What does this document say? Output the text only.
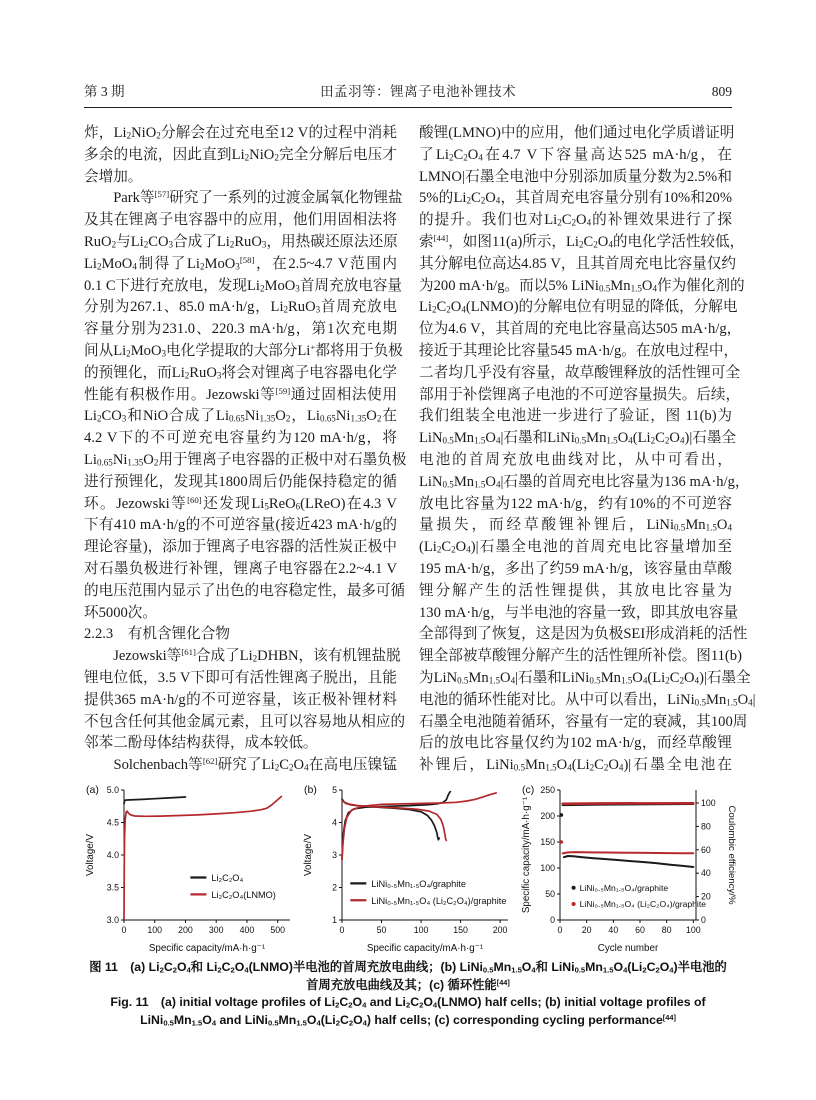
第 3 期	田孟羽等：锂离子电池补锂技术	809
炸，$Li_2NiO_2$分解会在过充电至12 V的过程中消耗
多余的电流，因此直到$Li_2NiO_2$完全分解后电压才
会增加。
　　Park等[57]研究了一系列的过渡金属氧化物锂盐
及其在锂离子电容器中的应用，他们用固相法将
RuO$_2$与$Li_2CO_3$合成了$Li_2RuO_3$，用热碳还原法还原
$Li_2MoO_4$制得了$Li_2MoO_3[58]$，在2.5~4.7 V范围内
0.1 C下进行充放电，发现$Li_2MoO_3$首周充放电容量
分别为267.1、85.0 mA·h/g，$Li_2RuO_3$首周充放电
容量分别为231.0、220.3 mA·h/g，第1次充电期
间从$Li_2MoO_3$电化学提取的大部分Li+都将用于负极
的预锂化，而$Li_2RuO_3$将会对锂离子电容器电化学
性能有积极作用。Jezowski等[59]通过固相法使用
$Li_2CO_3$和NiO合成了$Li_{0.65}Ni_{1.35}O_2$，$Li_{0.65}Ni_{1.35}O_2$在
4.2 V下的不可逆充电容量约为120 mA·h/g，将
$Li_{0.65}Ni_{1.35}O_2$用于锂离子电容器的正极中对石墨负极
进行预锂化，发现其1800周后仍能保持稳定的循
环。Jezowski等[60]还发现$Li_5ReO_6(LReO)$在4.3 V
下有410 mA·h/g的不可逆容量(接近423 mA·h/g的
理论容量)，添加于锂离子电容器的活性炭正极中
对石墨负极进行补锂，锂离子电容器在2.2~4.1 V
的电压范围内显示了出色的电容稳定性，最多可循
环5000次。
2.2.3　有机含锂化合物
　　Jezowski等[61]合成了$Li_2DHBN$，该有机锂盐脱
锂电位低，3.5 V下即可有活性锂离子脱出，且能
提供365 mA·h/g的不可逆容量，该正极补锂材料
不包含任何其他金属元素，且可以容易地从相应的
邻苯二酚母体结构获得，成本较低。
　　Solchenbach等[62]研究了$Li_2C_2O_4$在高电压镍锰
酸锂(LMNO)中的应用，他们通过电化学质谱证明
了$Li_2C_2O_4$在4.7 V下容量高达525 mA·h/g，在
LMNO|石墨全电池中分别添加质量分数为2.5%和
5%的$Li_2C_2O_4$，其首周充电容量分别有10%和20%
的提升。我们也对$Li_2C_2O_4$的补锂效果进行了探
索[44]，如图11(a)所示，$Li_2C_2O_4$的电化学活性较低，
其分解电位高达4.85 V，且其首周充电比容量仅约
为200 mA·h/g。而以5% $LiNi_{0.5}Mn_{1.5}O_4$作为催化剂的
$Li_2C_2O_4(LNMO)$的分解电位有明显的降低，分解电
位为4.6 V，其首周的充电比容量高达505 mA·h/g，
接近于其理论比容量545 mA·h/g。在放电过程中，
二者均几乎没有容量，故草酸锂释放的活性锂可全
部用于补偿锂离子电池的不可逆容量损失。后续，
我们组装全电池进一步进行了验证，图 11(b)为
$LiN_{0.5}Mn_{1.5}O_4|$石墨和$LiNi_{0.5}Mn_{1.5}O_4(Li_2C_2O_4)|$石墨全
电池的首周充放电曲线对比，从中可看出，
$LiN_{0.5}Mn_{1.5}O_4|$石墨的首周充电比容量为136 mA·h/g，
放电比容量为122 mA·h/g，约有10%的不可逆容
量损失，而经草酸锂补锂后，$LiNi_{0.5}Mn_{1.5}O_4$
$(Li_2C_2O_4)|$石墨全电池的首周充电比容量增加至
195 mA·h/g，多出了约59 mA·h/g，该容量由草酸
锂分解产生的活性锂提供，其放电比容量为
130 mA·h/g，与半电池的容量一致，即其放电容量
全部得到了恢复，这是因为负极SEI形成消耗的活性
锂全部被草酸锂分解产生的活性锂所补偿。图11(b)
为$LiN_{0.5}Mn_{1.5}O_4|$石墨和$LiNi_{0.5}Mn_{1.5}O_4(Li_2C_2O_4)|$石墨全
电池的循环性能对比。从中可以看出，$LiNi_{0.5}Mn_{1.5}O_4|$
石墨全电池随着循环，容量有一定的衰减，其100周
后的放电比容量仅约为102 mA·h/g，而经草酸锂
补锂后，$LiNi_{0.5}Mn_{1.5}O_4(Li_2C_2O_4)|$石墨全电池在
0 100 200 300 400 500
3.0
3.5
4.0
4.5
5.0
Li₂C₂O₄
Li₂C₂O₄(LNMO)
Specific capacity/mA·h·g⁻¹
Voltage/V
(a)
0	50	100	150	200
1
2
3
4
5
LiNi₀.₅Mn₁.₅O₄/graphite
LiNi₀.₅Mn₁.₅O₄ (Li₂C₂O₄)/graphite
Specific capacity/mA·h·g⁻¹
Voltage/V
(b)
0 20 40 60 80 100
0
50
100
150
200
250
0
20
40
60
80
100
Coulombic efficiency/%
LiNi₀.₅Mn₁.₅O₄/graphite
LiNi₀.₅Mn₁.₅O₄ (Li₂C₂O₄)/graphite
Cycle number
Specific capacity/mA·h·g⁻¹
(c)
图 11　(a) $Li_2C_2O_4$和 $Li_2C_2O_4(LNMO)$半电池的首周充放电曲线；(b) $LiNi_{0.5}Mn_{1.5}O_4$和 $LiNi_{0.5}Mn_{1.5}O_4(Li_2C_2O_4)$半电池的
首周充放电曲线及其；(c) 循环性能[44]
Fig. 11　(a) initial voltage profiles of $Li_2C_2O_4$ and $Li_2C_2O_4(LNMO)$ half cells; (b) initial voltage profiles of
$LiNi_{0.5}Mn_{1.5}O_4$ and $LiNi_{0.5}Mn_{1.5}O_4(Li_2C_2O_4)$ half cells; (c) corresponding cycling performance[44]
